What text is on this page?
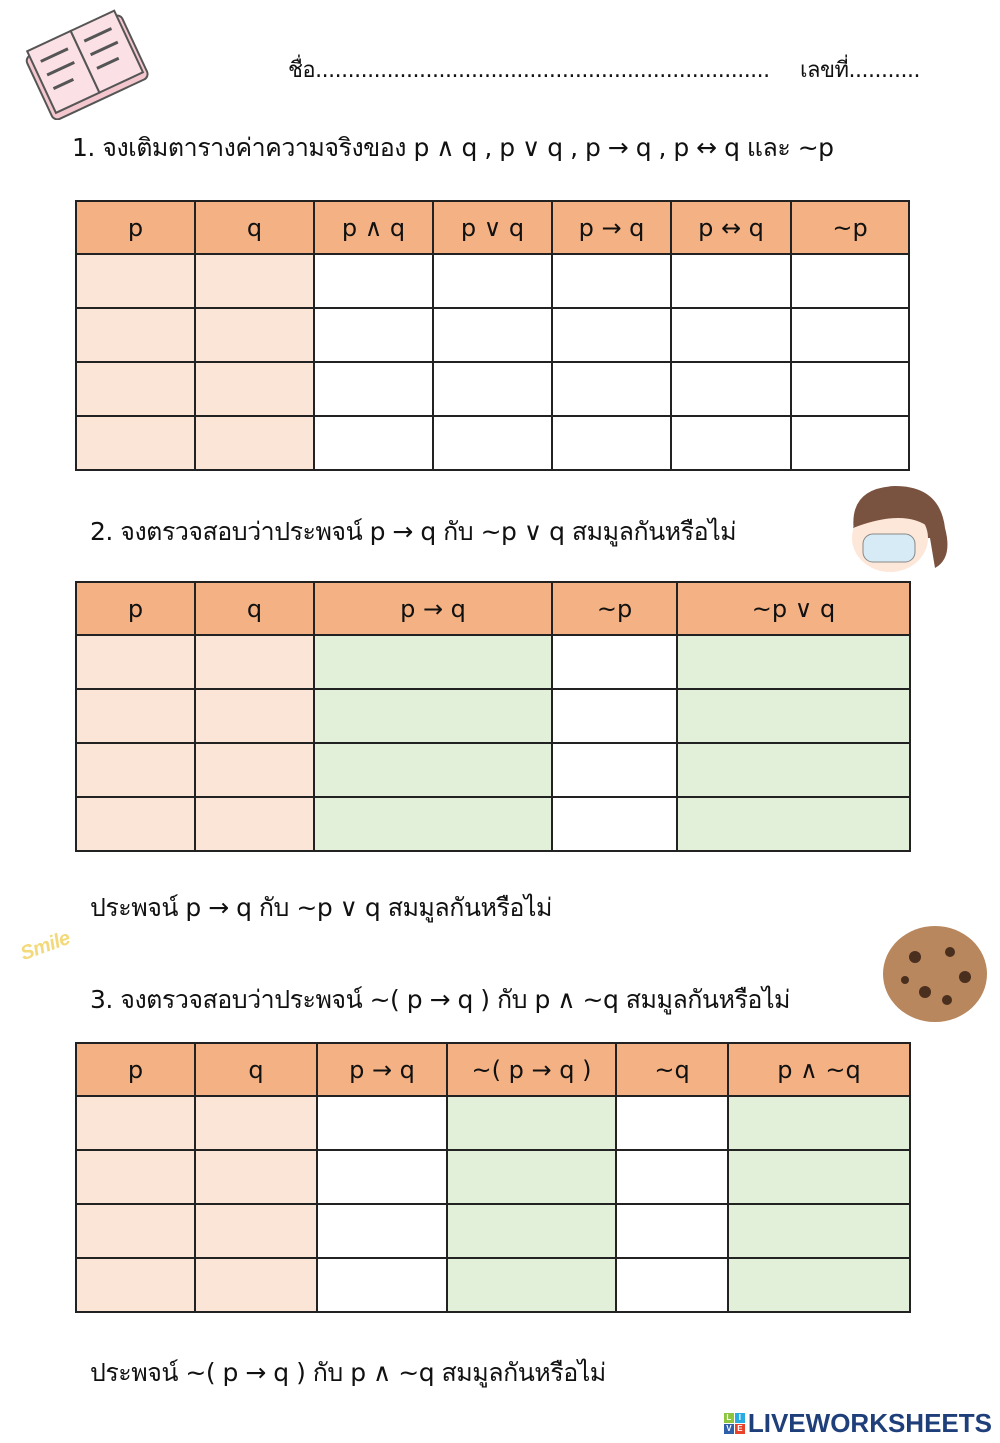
ชื่อ...................................................................... เลขที่...........
1. จงเติมตารางค่าความจริงของ p ∧ q , p ∨ q , p → q , p ↔ q และ ~p
p	q	p ∧ q	p ∨ q	p → q	p ↔ q	~p

2. จงตรวจสอบว่าประพจน์ p → q กับ ~p ∨ q สมมูลกันหรือไม่
p	q	p → q	~p	~p ∨ q

ประพจน์ p → q กับ ~p ∨ q สมมูลกันหรือไม่
Smile
3. จงตรวจสอบว่าประพจน์ ~( p → q ) กับ p ∧ ~q สมมูลกันหรือไม่
p	q	p → q	~( p → q )	~q	p ∧ ~q

ประพจน์ ~( p → q ) กับ p ∧ ~q สมมูลกันหรือไม่
L I
V E LIVEWORKSHEETS
